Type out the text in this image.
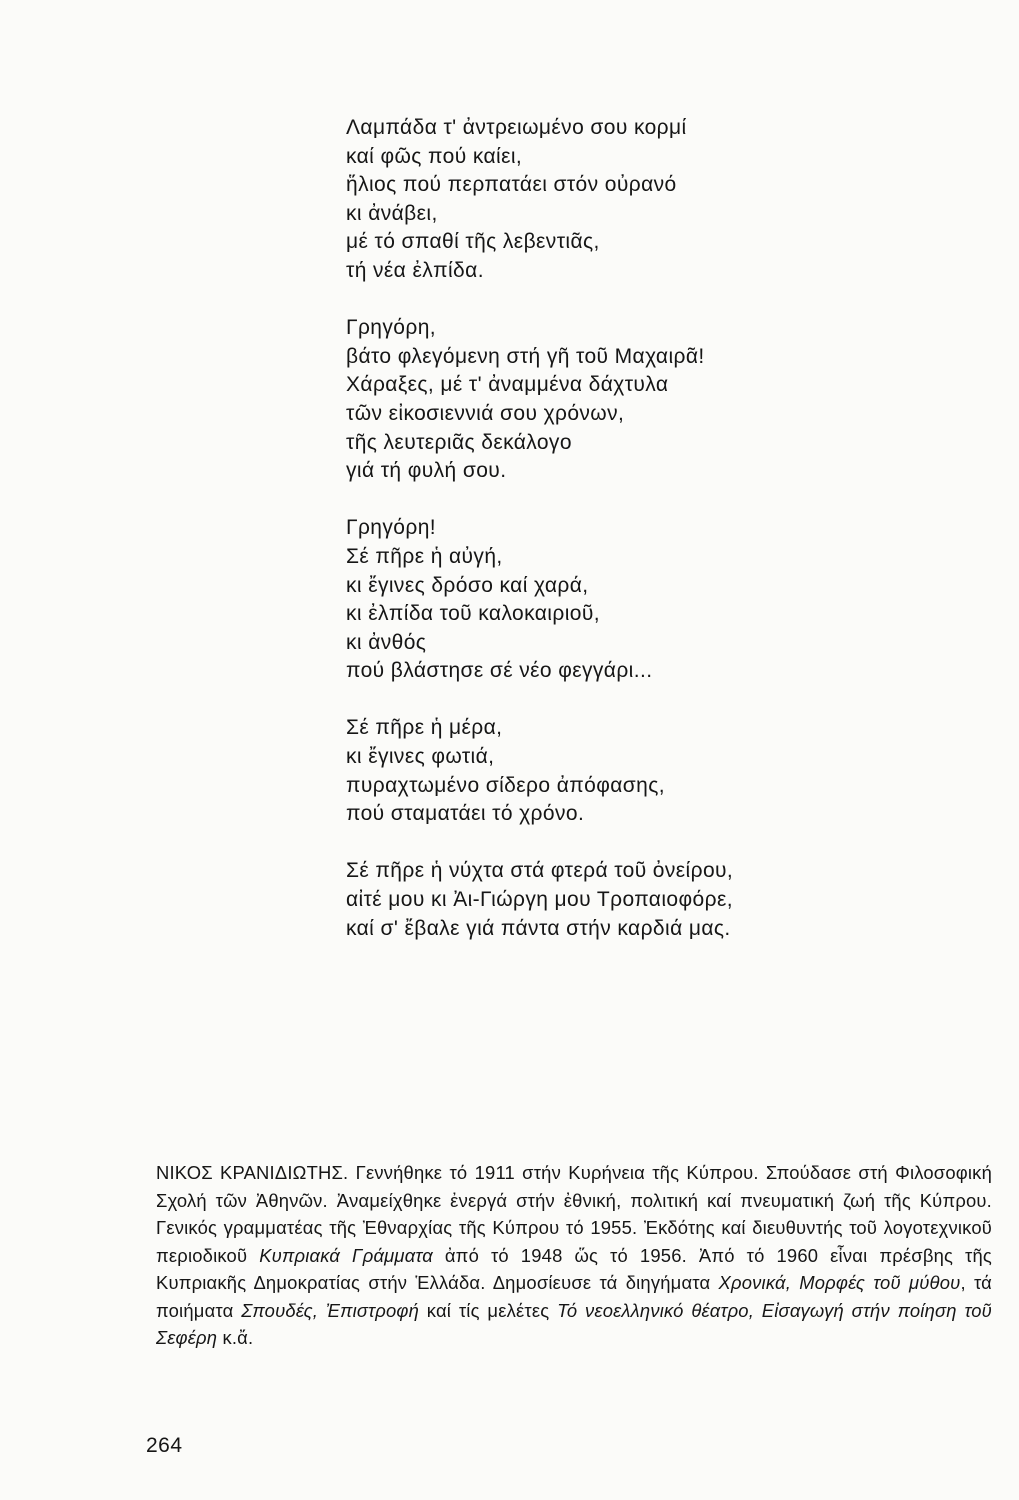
Λαμπάδα τ' ἀντρειωμένο σου κορμί
καί φῶς πού καίει,
ἥλιος πού περπατάει στόν οὐρανό
κι ἀνάβει,
μέ τό σπαθί τῆς λεβεντιᾶς,
τή νέα ἐλπίδα.
Γρηγόρη,
βάτο φλεγόμενη στή γῆ τοῦ Μαχαιρᾶ!
Χάραξες, μέ τ' ἀναμμένα δάχτυλα
τῶν εἰκοσιεννιά σου χρόνων,
τῆς λευτεριᾶς δεκάλογο
γιά τή φυλή σου.
Γρηγόρη!
Σέ πῆρε ἡ αὐγή,
κι ἔγινες δρόσο καί χαρά,
κι ἐλπίδα τοῦ καλοκαιριοῦ,
κι ἀνθός
πού βλάστησε σέ νέο φεγγάρι...
Σέ πῆρε ἡ μέρα,
κι ἔγινες φωτιά,
πυραχτωμένο σίδερο ἀπόφασης,
πού σταματάει τό χρόνο.
Σέ πῆρε ἡ νύχτα στά φτερά τοῦ ὀνείρου,
αἰτέ μου κι Ἀι-Γιώργη μου Τροπαιοφόρε,
καί σ' ἔβαλε γιά πάντα στήν καρδιά μας.

ΝΙΚΟΣ ΚΡΑΝΙΔΙΩΤΗΣ. Γεννήθηκε τό 1911 στήν Κυρήνεια τῆς Κύπρου. Σπούδασε στή Φιλοσοφική Σχολή τῶν Ἀθηνῶν. Ἀναμείχθηκε ἐνεργά στήν ἐθνική, πολιτική καί πνευματική ζωή τῆς Κύπρου. Γενικός γραμματέας τῆς Ἐθναρχίας τῆς Κύπρου τό 1955. Ἐκδότης καί διευθυντής τοῦ λογοτεχνικοῦ περιοδικοῦ Κυπριακά Γράμματα ἀπό τό 1948 ὥς τό 1956. Ἀπό τό 1960 εἶναι πρέσβης τῆς Κυπριακῆς Δημοκρατίας στήν Ἑλλάδα. Δημοσίευσε τά διηγήματα Χρονικά, Μορφές τοῦ μύθου, τά ποιήματα Σπουδές, Ἐπιστροφή καί τίς μελέτες Τό νεοελληνικό θέατρο, Εἰσαγωγή στήν ποίηση τοῦ Σεφέρη κ.ἄ.

264
